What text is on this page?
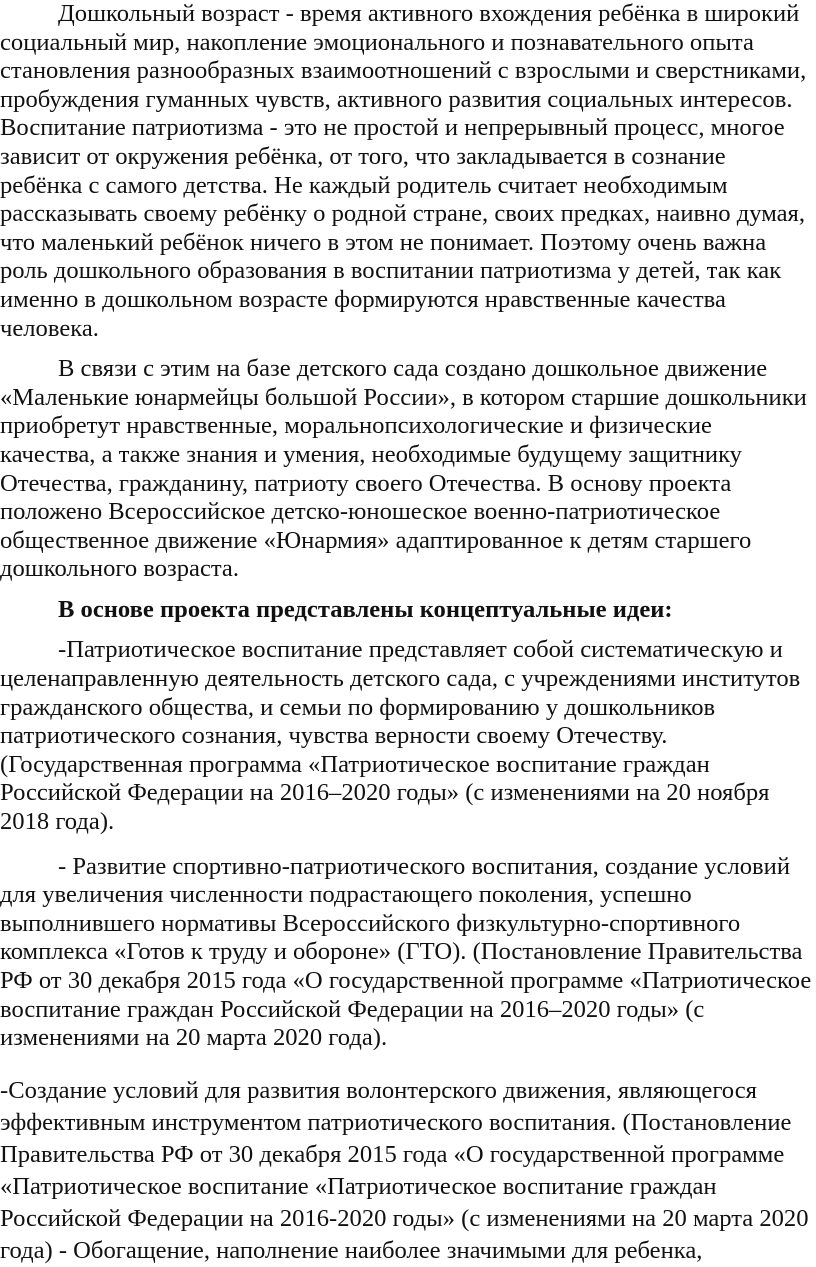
Дошкольный возраст - время активного вхождения ребёнка в широкий социальный мир, накопление эмоционального и познавательного опыта становления разнообразных взаимоотношений с взрослыми и сверстниками, пробуждения гуманных чувств, активного развития социальных интересов. Воспитание патриотизма - это не простой и непрерывный процесс, многое зависит от окружения ребёнка, от того, что закладывается в сознание ребёнка с самого детства. Не каждый родитель считает необходимым рассказывать своему ребёнку о родной стране, своих предках, наивно думая, что маленький ребёнок ничего в этом не понимает. Поэтому очень важна роль дошкольного образования в воспитании патриотизма у детей, так как именно в дошкольном возрасте формируются нравственные качества человека.

В связи с этим на базе детского сада создано дошкольное движение «Маленькие юнармейцы большой России», в котором старшие дошкольники приобретут нравственные, моральнопсихологические и физические качества, а также знания и умения, необходимые будущему защитнику Отечества, гражданину, патриоту своего Отечества. В основу проекта положено Всероссийское детско-юношеское военно-патриотическое общественное движение «Юнармия» адаптированное к детям старшего дошкольного возраста.

В основе проекта представлены концептуальные идеи:

-Патриотическое воспитание представляет собой систематическую и целенаправленную деятельность детского сада, с учреждениями институтов гражданского общества, и семьи по формированию у дошкольников патриотического сознания, чувства верности своему Отечеству. (Государственная программа «Патриотическое воспитание граждан Российской Федерации на 2016–2020 годы» (с изменениями на 20 ноября 2018 года).

- Развитие спортивно-патриотического воспитания, создание условий для увеличения численности подрастающего поколения, успешно выполнившего нормативы Всероссийского физкультурно-спортивного комплекса «Готов к труду и обороне» (ГТО). (Постановление Правительства РФ от 30 декабря 2015 года «О государственной программе «Патриотическое воспитание граждан Российской Федерации на 2016–2020 годы» (с изменениями на 20 марта 2020 года).

-Создание условий для развития волонтерского движения, являющегося эффективным инструментом патриотического воспитания. (Постановление Правительства РФ от 30 декабря 2015 года «О государственной программе «Патриотическое воспитание «Патриотическое воспитание граждан Российской Федерации на 2016-2020 годы» (с изменениями на 20 марта 2020 года) - Обогащение, наполнение наиболее значимыми для ребенка,
